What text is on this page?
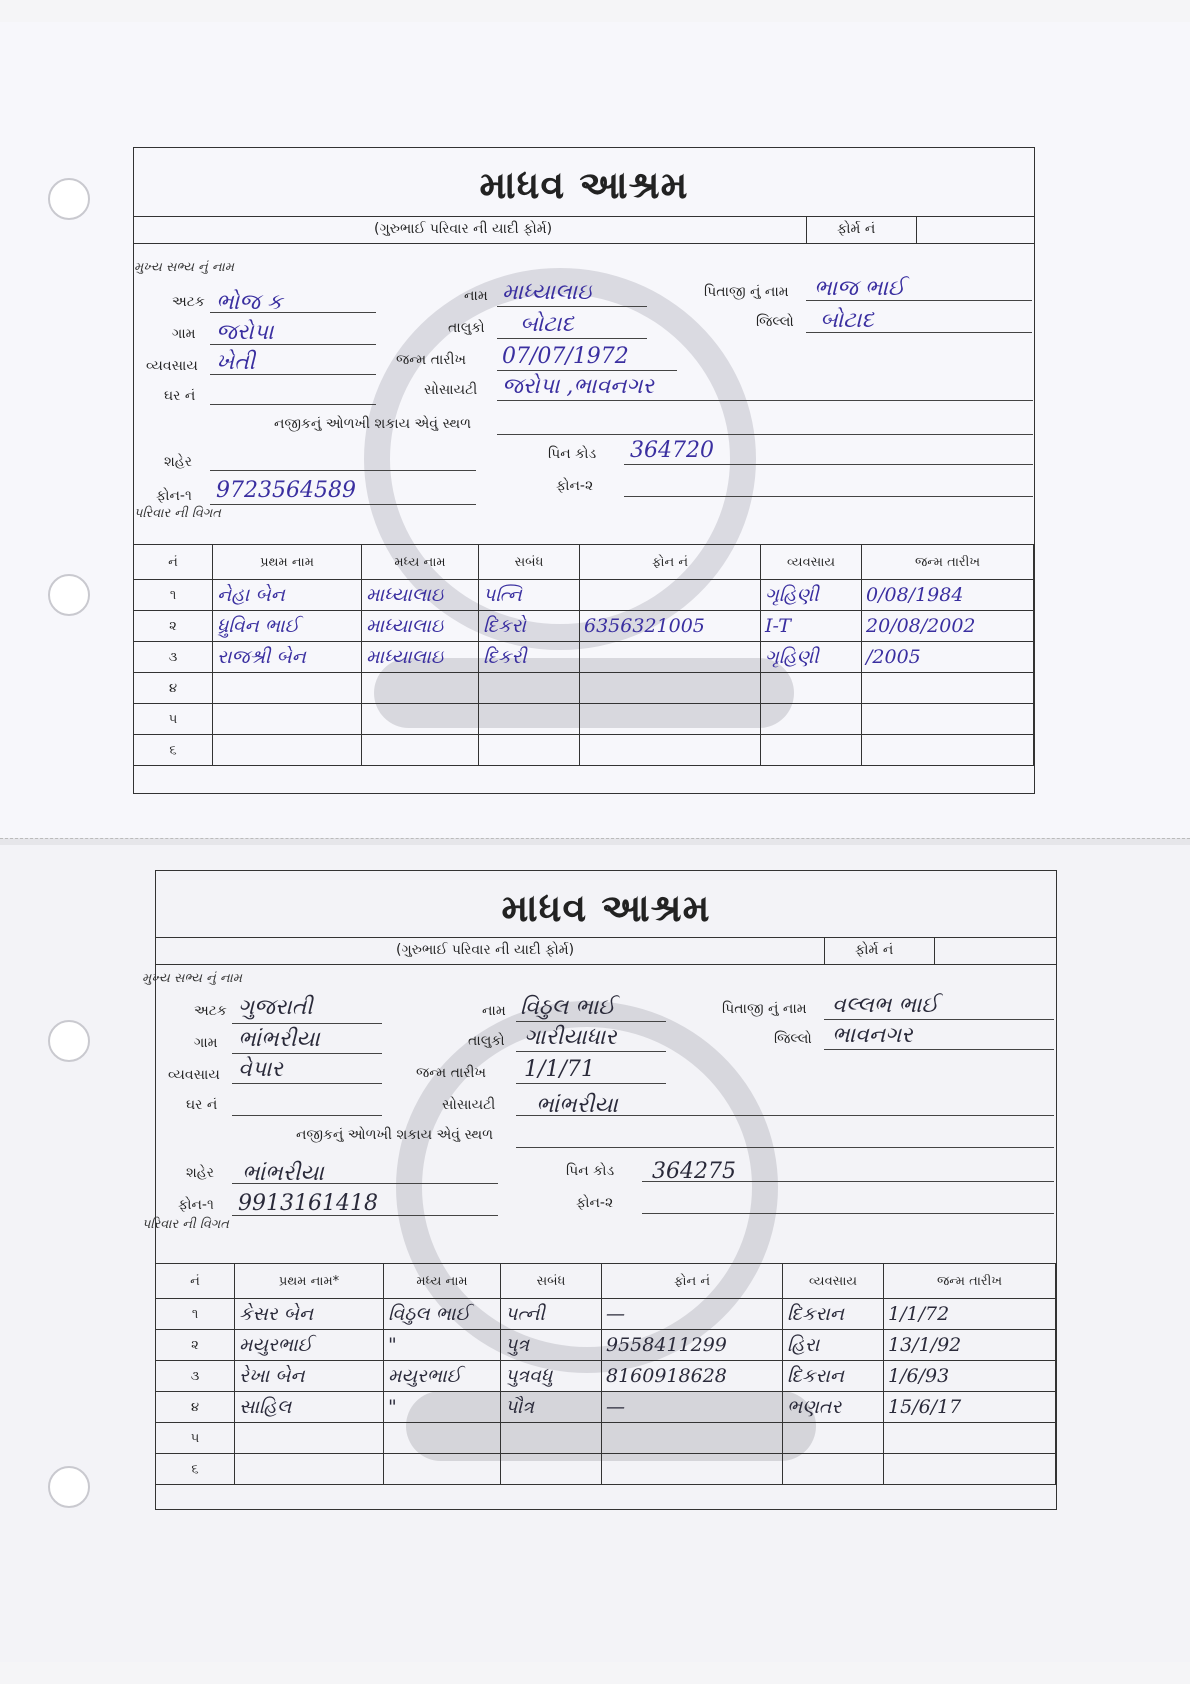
માધવ આશ્રમ
(ગુરુભાઈ પરિવાર ની યાદી ફોર્મ)	ફોર્મ નં
મુખ્ય સભ્ય નું નામ
અટક ભોજ ક	નામ માધ્યાલાઇ	પિતાજી નું નામ ભાજ ભાઈ
ગામ જરોપા	તાલુકો બોટાદ	જિલ્લો બોટાદ
વ્યવસાય ખેતી	જન્મ તારીખ 07/07/1972
ઘર નં	સોસાયટી જરોપા ,ભાવનગર
નજીકનું ઓળખી શકાય એવું સ્થળ
શહેર	પિન કોડ 364720
ફોન-૧ 9723564589	ફોન-૨
પરિવાર ની વિગત
નં	પ્રથમ નામ	મધ્ય નામ	સબંધ	ફોન નં	વ્યવસાય	જન્મ તારીખ
૧	નેહા બેન	માધ્યાલાઇ	પત્નિ		ગૃહિણી	0/08/1984
૨	ધ્રુવિન ભાઈ	માધ્યાલાઇ	દિકરો	6356321005	I-T	20/08/2002
૩	રાજશ્રી બેન	માધ્યાલાઇ	દિકરી		ગૃહિણી	/2005
૪						
૫						
૬						
માધવ આશ્રમ
(ગુરુભાઈ પરિવાર ની યાદી ફોર્મ)	ફોર્મ નં
મુખ્ય સભ્ય નું નામ
અટક ગુજરાતી	નામ વિઠુલ ભાઈ	પિતાજી નું નામ વલ્લભ ભાઈ
ગામ ભાંભરીયા	તાલુકો ગારીયાધાર	જિલ્લો ભાવનગર
વ્યવસાય વેપાર	જન્મ તારીખ 1/1/71
ઘર નં	સોસાયટી ભાંભરીયા
નજીકનું ઓળખી શકાય એવું સ્થળ
શહેર ભાંભરીયા	પિન કોડ 364275
ફોન-૧ 9913161418	ફોન-૨
પરિવાર ની વિગત
નં	પ્રથમ નામ*	મધ્ય નામ	સબંધ	ફોન નં	વ્યવસાય	જન્મ તારીખ
૧	કેસર બેન	વિઠુલ ભાઈ	પત્ની	—	દિકરાન	1/1/72
૨	મયુરભાઈ	"	પુત્ર	9558411299	હિરા	13/1/92
૩	રેખા બેન	મયુરભાઈ	પુત્રવધુ	8160918628	દિકરાન	1/6/93
૪	સાહિલ	"	પૌત્ર	—	ભણતર	15/6/17
૫						
૬						
